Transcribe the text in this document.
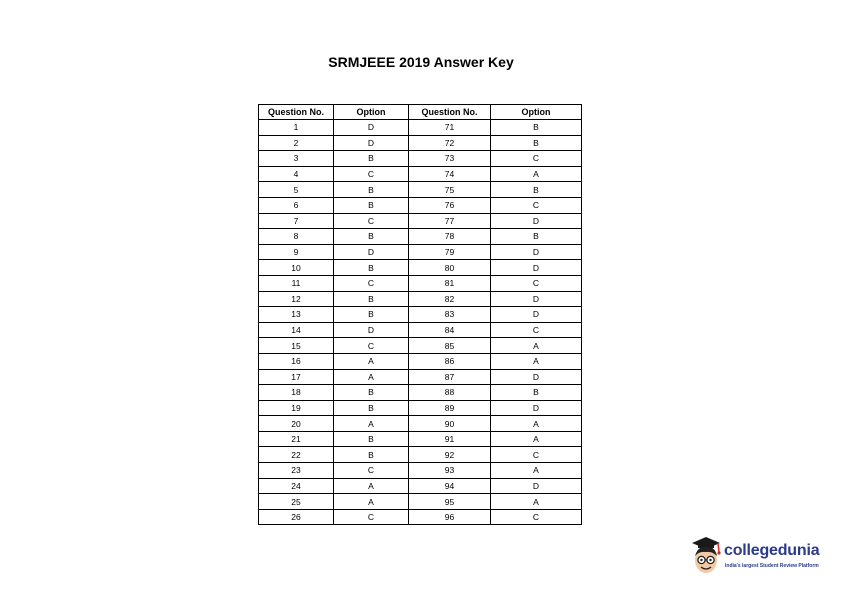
SRMJEEE 2019 Answer Key
Question No.	Option	Question No.	Option
1	D	71	B
2	D	72	B
3	B	73	C
4	C	74	A
5	B	75	B
6	B	76	C
7	C	77	D
8	B	78	B
9	D	79	D
10	B	80	D
11	C	81	C
12	B	82	D
13	B	83	D
14	D	84	C
15	C	85	A
16	A	86	A
17	A	87	D
18	B	88	B
19	B	89	D
20	A	90	A
21	B	91	A
22	B	92	C
23	C	93	A
24	A	94	D
25	A	95	A
26	C	96	C
collegedunia
India's largest Student Review Platform
